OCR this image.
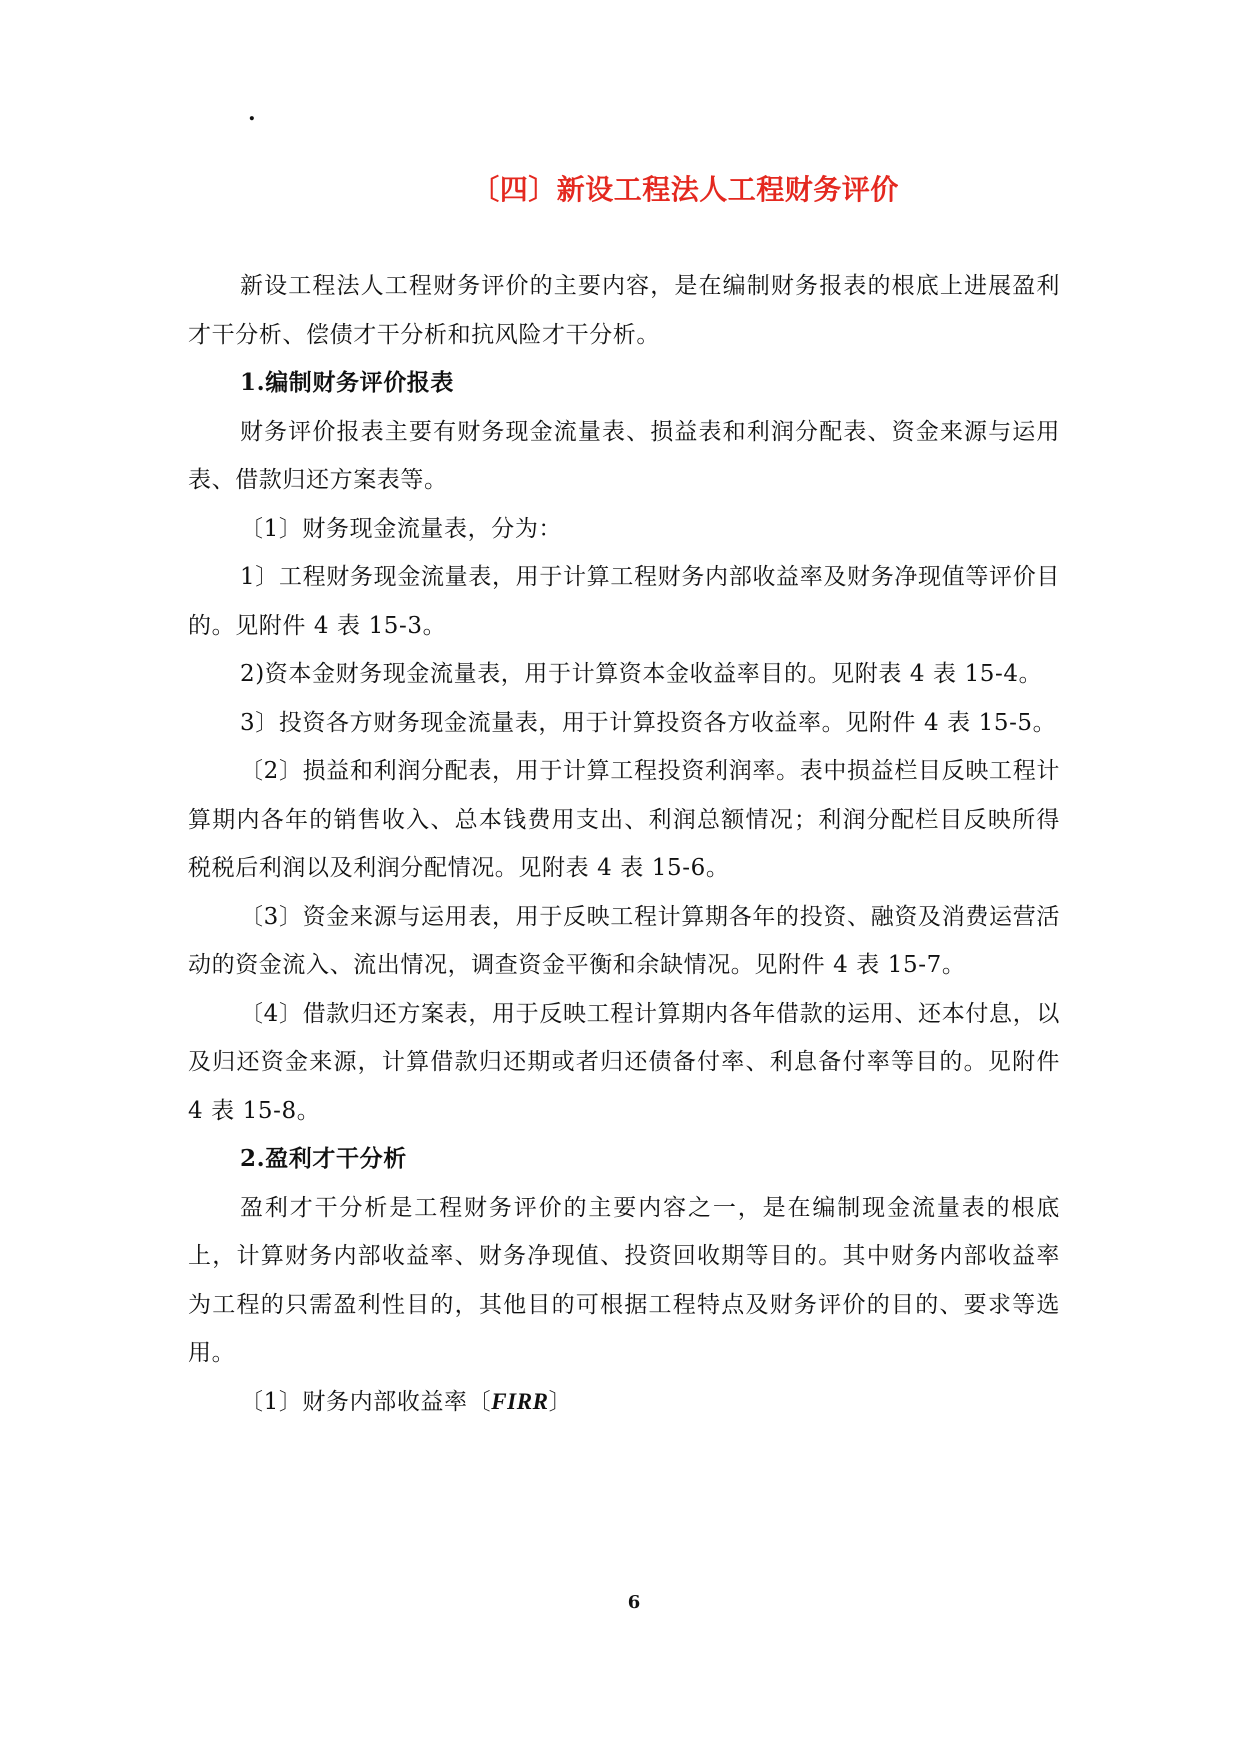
.
〔四〕新设工程法人工程财务评价

新设工程法人工程财务评价的主要内容，是在编制财务报表的根底上进展盈利才干分析、偿债才干分析和抗风险才干分析。

1.编制财务评价报表

财务评价报表主要有财务现金流量表、损益表和利润分配表、资金来源与运用表、借款归还方案表等。

〔1〕财务现金流量表，分为：

1〕工程财务现金流量表，用于计算工程财务内部收益率及财务净现值等评价目的。见附件 4 表 15-3。

2)资本金财务现金流量表，用于计算资本金收益率目的。见附表 4 表 15-4。

3〕投资各方财务现金流量表，用于计算投资各方收益率。见附件 4 表 15-5。

〔2〕损益和利润分配表，用于计算工程投资利润率。表中损益栏目反映工程计算期内各年的销售收入、总本钱费用支出、利润总额情况；利润分配栏目反映所得税税后利润以及利润分配情况。见附表 4 表 15-6。

〔3〕资金来源与运用表，用于反映工程计算期各年的投资、融资及消费运营活动的资金流入、流出情况，调查资金平衡和余缺情况。见附件 4 表 15-7。

〔4〕借款归还方案表，用于反映工程计算期内各年借款的运用、还本付息，以及归还资金来源，计算借款归还期或者归还债备付率、利息备付率等目的。见附件 4 表 15-8。

2.盈利才干分析

盈利才干分析是工程财务评价的主要内容之一，是在编制现金流量表的根底上，计算财务内部收益率、财务净现值、投资回收期等目的。其中财务内部收益率为工程的只需盈利性目的，其他目的可根据工程特点及财务评价的目的、要求等选用。

〔1〕财务内部收益率〔FIRR〕

6
